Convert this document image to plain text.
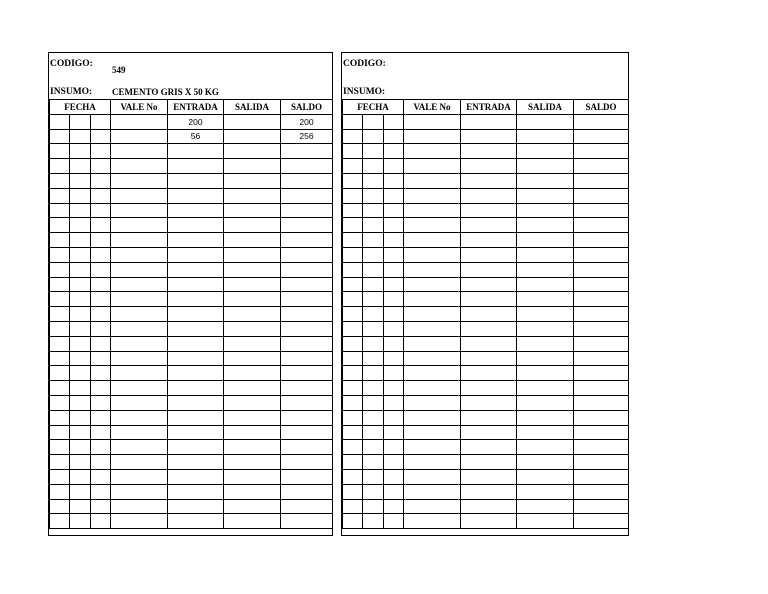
CODIGO:
549
INSUMO: CEMENTO GRIS X 50 KG
FECHA			VALE No	ENTRADA	SALIDA	SALDO
				200		200
				56		256

CODIGO:
INSUMO:
FECHA			VALE No	ENTRADA	SALIDA	SALDO
